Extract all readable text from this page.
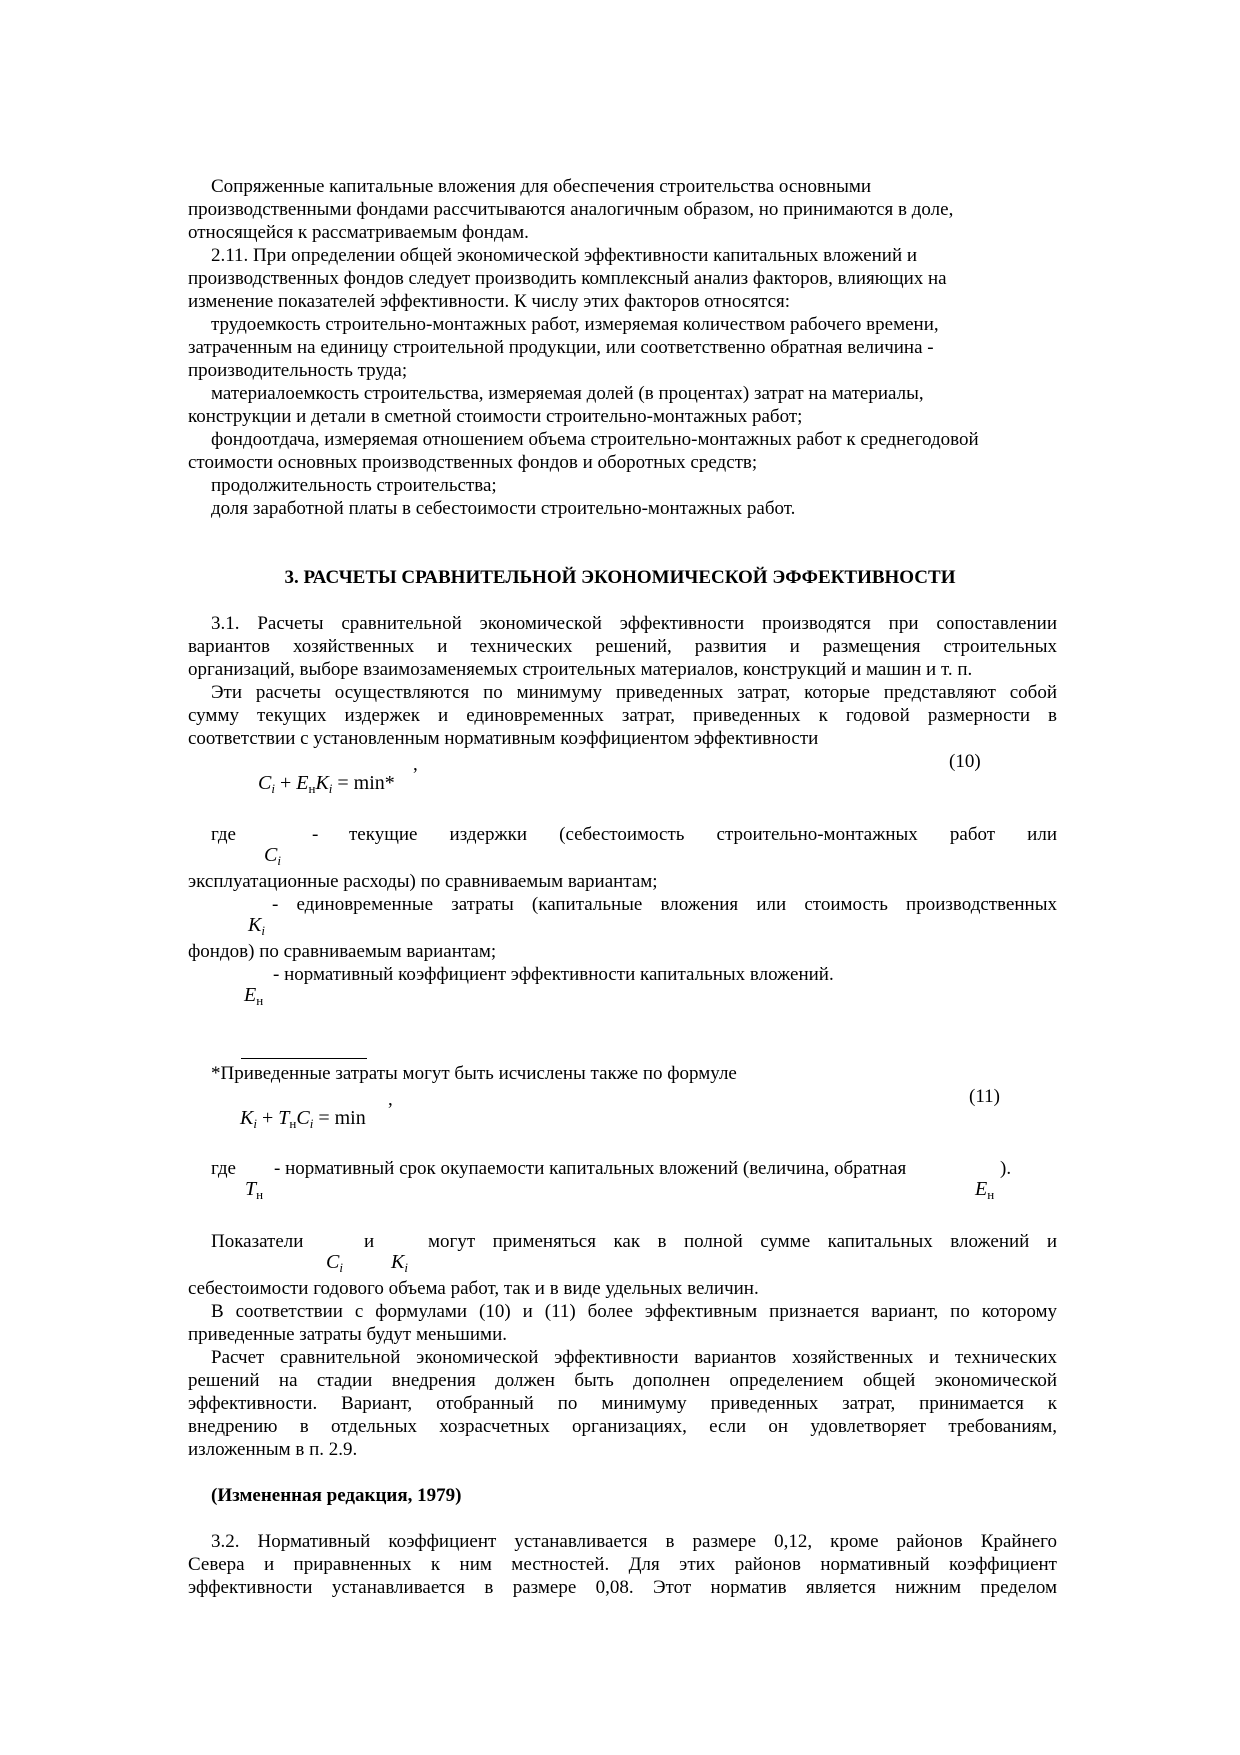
Сопряженные капитальные вложения для обеспечения строительства основными
производственными фондами рассчитываются аналогичным образом, но принимаются в доле,
относящейся к рассматриваемым фондам.
2.11. При определении общей экономической эффективности капитальных вложений и
производственных фондов следует производить комплексный анализ факторов, влияющих на
изменение показателей эффективности. К числу этих факторов относятся:
трудоемкость строительно-монтажных работ, измеряемая количеством рабочего времени,
затраченным на единицу строительной продукции, или соответственно обратная величина -
производительность труда;
материалоемкость строительства, измеряемая долей (в процентах) затрат на материалы,
конструкции и детали в сметной стоимости строительно-монтажных работ;
фондоотдача, измеряемая отношением объема строительно-монтажных работ к среднегодовой
стоимости основных производственных фондов и оборотных средств;
продолжительность строительства;
доля заработной платы в себестоимости строительно-монтажных работ.
3. РАСЧЕТЫ СРАВНИТЕЛЬНОЙ ЭКОНОМИЧЕСКОЙ ЭФФЕКТИВНОСТИ
3.1. Расчеты сравнительной экономической эффективности производятся при сопоставлении
вариантов хозяйственных и технических решений, развития и размещения строительных
организаций, выборе взаимозаменяемых строительных материалов, конструкций и машин и т. п.
Эти расчеты осуществляются по минимуму приведенных затрат, которые представляют собой
сумму текущих издержек и единовременных затрат, приведенных к годовой размерности в
соответствии с установленным нормативным коэффициентом эффективности
$C_i + E_нK_i = \min*$
,	(10)
где	- текущие издержки (себестоимость строительно-монтажных работ или
$C_i$
эксплуатационные расходы) по сравниваемым вариантам;
- единовременные затраты (капитальные вложения или стоимость производственных
$K_i$
фондов) по сравниваемым вариантам;
- нормативный коэффициент эффективности капитальных вложений.
$E_н$
*Приведенные затраты могут быть исчислены также по формуле
$K_i + T_нC_i = \min$
,	(11)
где - нормативный срок окупаемости капитальных вложений (величина, обратная	).
$T_н$	$E_н$
Показатели	и	могут применяться как в полной сумме капитальных вложений и
$C_i$ $K_i$
себестоимости годового объема работ, так и в виде удельных величин.
В соответствии с формулами (10) и (11) более эффективным признается вариант, по которому
приведенные затраты будут меньшими.
Расчет сравнительной экономической эффективности вариантов хозяйственных и технических
решений на стадии внедрения должен быть дополнен определением общей экономической
эффективности. Вариант, отобранный по минимуму приведенных затрат, принимается к
внедрению в отдельных хозрасчетных организациях, если он удовлетворяет требованиям,
изложенным в п. 2.9.
(Измененная редакция, 1979)
3.2. Нормативный коэффициент устанавливается в размере 0,12, кроме районов Крайнего
Севера и приравненных к ним местностей. Для этих районов нормативный коэффициент
эффективности устанавливается в размере 0,08. Этот норматив является нижним пределом
